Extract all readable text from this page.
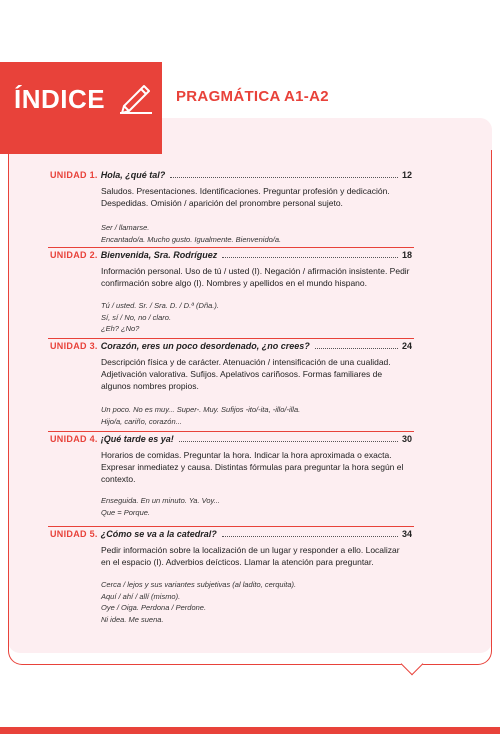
ÍNDICE	PRAGMÁTICA A1-A2
UNIDAD 1. Hola, ¿qué tal?	12
Saludos. Presentaciones. Identificaciones. Preguntar profesión y dedicación. Despedidas. Omisión / aparición del pronombre personal sujeto.
Ser / llamarse.
Encantado/a. Mucho gusto. Igualmente. Bienvenido/a.
UNIDAD 2. Bienvenida, Sra. Rodríguez	18
Información personal. Uso de tú / usted (I). Negación / afirmación insistente. Pedir confirmación sobre algo (I). Nombres y apellidos en el mundo hispano.
Tú / usted. Sr. / Sra. D. / D.ª (Dña.).
Sí, sí / No, no / claro.
¿Eh? ¿No?
UNIDAD 3. Corazón, eres un poco desordenado, ¿no crees?	24
Descripción física y de carácter. Atenuación / intensificación de una cualidad. Adjetivación valorativa. Sufijos. Apelativos cariñosos. Formas familiares de algunos nombres propios.
Un poco. No es muy... Super-. Muy. Sufijos -ito/-ita, -illo/-illa.
Hijo/a, cariño, corazón...
UNIDAD 4. ¡Qué tarde es ya!	30
Horarios de comidas. Preguntar la hora. Indicar la hora aproximada o exacta. Expresar inmediatez y causa. Distintas fórmulas para preguntar la hora según el contexto.
Enseguida. En un minuto. Ya. Voy...
Que = Porque.
UNIDAD 5. ¿Cómo se va a la catedral?	34
Pedir información sobre la localización de un lugar y responder a ello. Localizar en el espacio (I). Adverbios deícticos. Llamar la atención para preguntar.
Cerca / lejos y sus variantes subjetivas (al ladito, cerquita).
Aquí / ahí / allí (mismo).
Oye / Oiga. Perdona / Perdone.
Ni idea. Me suena.
